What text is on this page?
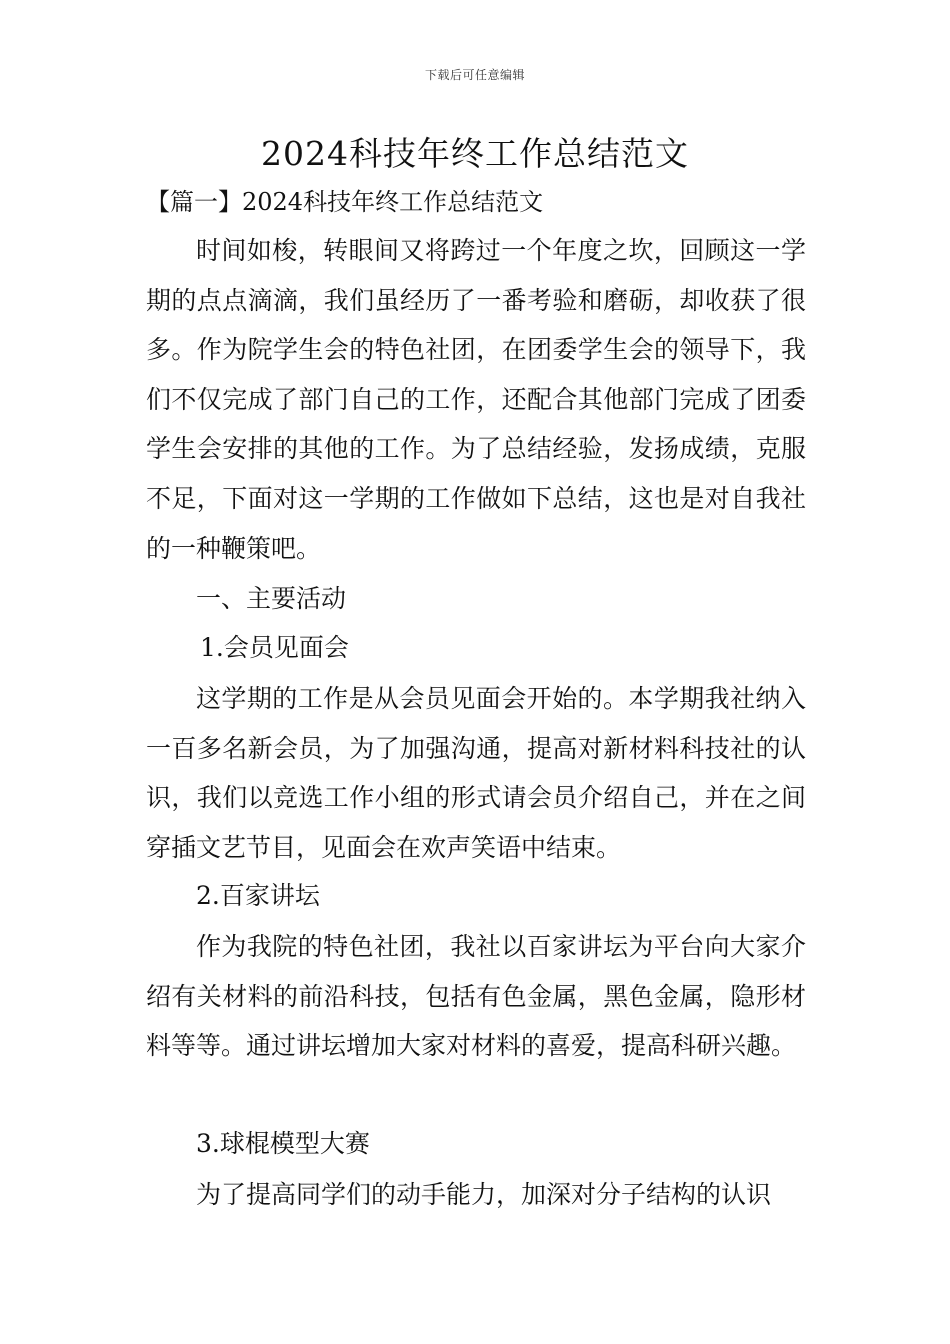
下载后可任意编辑
2024科技年终工作总结范文

【篇一】2024科技年终工作总结范文

时间如梭，转眼间又将跨过一个年度之坎，回顾这一学期的点点滴滴，我们虽经历了一番考验和磨砺，却收获了很多。作为院学生会的特色社团，在团委学生会的领导下，我们不仅完成了部门自己的工作，还配合其他部门完成了团委学生会安排的其他的工作。为了总结经验，发扬成绩，克服不足，下面对这一学期的工作做如下总结，这也是对自我社的一种鞭策吧。

一、主要活动

1.会员见面会

这学期的工作是从会员见面会开始的。本学期我社纳入一百多名新会员，为了加强沟通，提高对新材料科技社的认识，我们以竞选工作小组的形式请会员介绍自己，并在之间穿插文艺节目，见面会在欢声笑语中结束。

2.百家讲坛

作为我院的特色社团，我社以百家讲坛为平台向大家介绍有关材料的前沿科技，包括有色金属，黑色金属，隐形材料等等。通过讲坛增加大家对材料的喜爱，提高科研兴趣。

3.球棍模型大赛

为了提高同学们的动手能力，加深对分子结构的认识
